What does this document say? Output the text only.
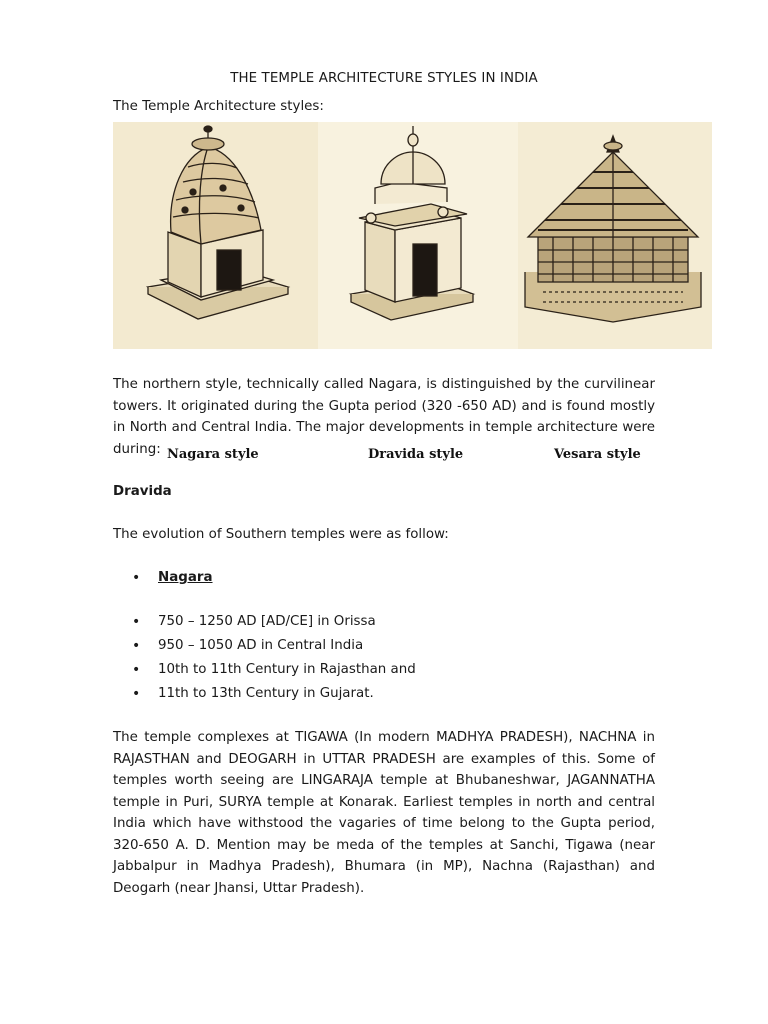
THE TEMPLE ARCHITECTURE STYLES IN INDIA
The Temple Architecture styles:
Nagara style	Dravida style	Vesara style

The northern style, technically called Nagara, is distinguished by the curvilinear towers. It originated during the Gupta period (320 -650 AD) and is found mostly in North and Central India. The major developments in temple architecture were during:

Dravida
The evolution of Southern temples were as follow:
• Nagara
• 750 – 1250 AD [AD/CE] in Orissa
• 950 – 1050 AD in Central India
• 10th to 11th Century in Rajasthan and
• 11th to 13th Century in Gujarat.

The temple complexes at TIGAWA (In modern MADHYA PRADESH), NACHNA in RAJASTHAN and DEOGARH in UTTAR PRADESH are examples of this. Some of temples worth seeing are LINGARAJA temple at Bhubaneshwar, JAGANNATHA temple in Puri, SURYA temple at Konarak. Earliest temples in north and central India which have withstood the vagaries of time belong to the Gupta period, 320-650 A. D. Mention may be meda of the temples at Sanchi, Tigawa (near Jabbalpur in Madhya Pradesh), Bhumara (in MP), Nachna (Rajasthan) and Deogarh (near Jhansi, Uttar Pradesh).
